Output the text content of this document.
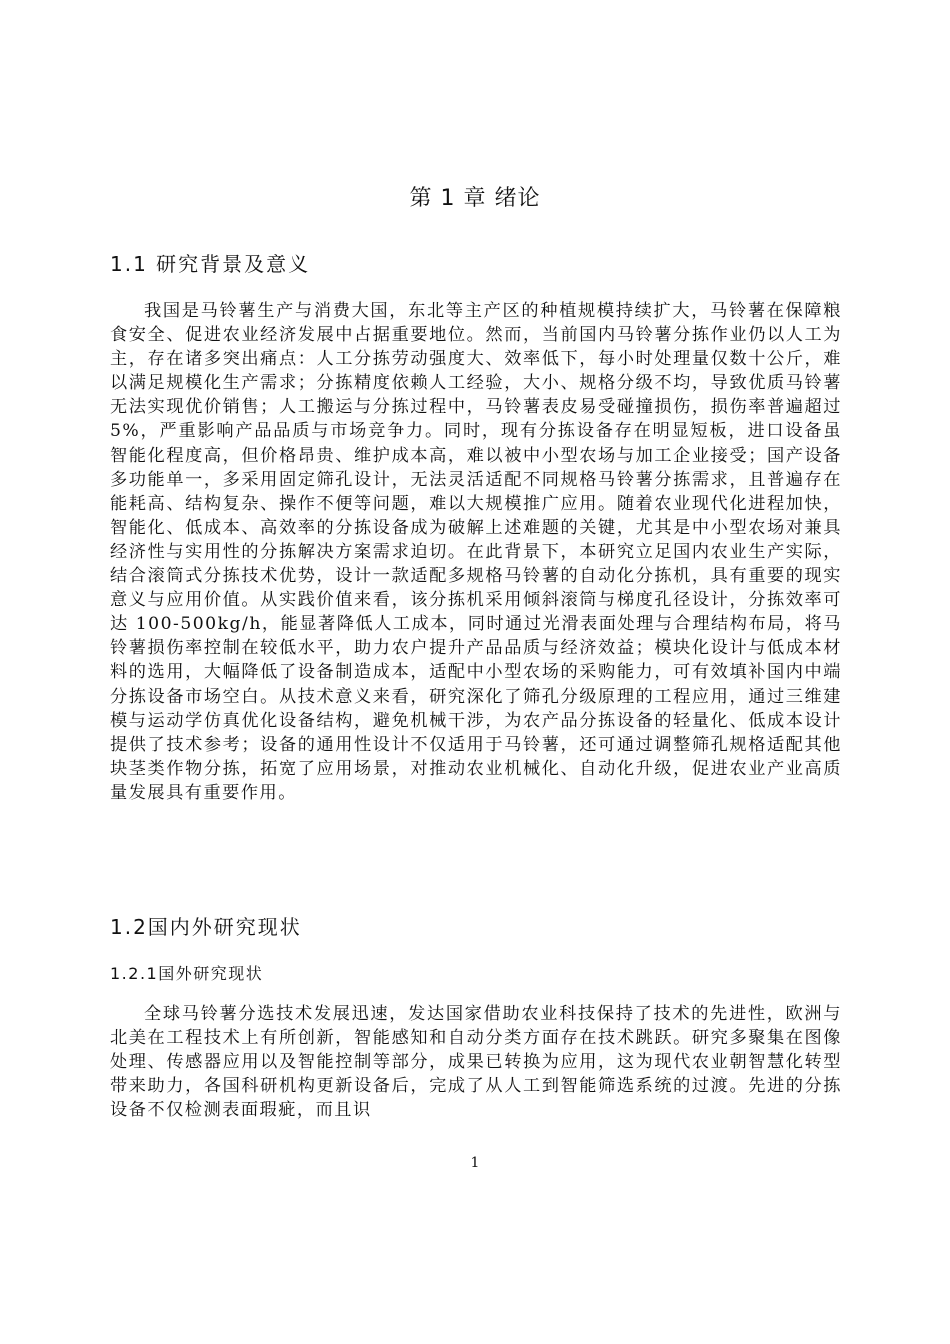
第 1 章 绪论
1.1 研究背景及意义

我国是马铃薯生产与消费大国，东北等主产区的种植规模持续扩大，马铃薯在保障粮食安全、促进农业经济发展中占据重要地位。然而，当前国内马铃薯分拣作业仍以人工为主，存在诸多突出痛点：人工分拣劳动强度大、效率低下，每小时处理量仅数十公斤，难以满足规模化生产需求；分拣精度依赖人工经验，大小、规格分级不均，导致优质马铃薯无法实现优价销售；人工搬运与分拣过程中，马铃薯表皮易受碰撞损伤，损伤率普遍超过 5%，严重影响产品品质与市场竞争力。同时，现有分拣设备存在明显短板，进口设备虽智能化程度高，但价格昂贵、维护成本高，难以被中小型农场与加工企业接受；国产设备多功能单一，多采用固定筛孔设计，无法灵活适配不同规格马铃薯分拣需求，且普遍存在能耗高、结构复杂、操作不便等问题，难以大规模推广应用。随着农业现代化进程加快，智能化、低成本、高效率的分拣设备成为破解上述难题的关键，尤其是中小型农场对兼具经济性与实用性的分拣解决方案需求迫切。在此背景下，本研究立足国内农业生产实际，结合滚筒式分拣技术优势，设计一款适配多规格马铃薯的自动化分拣机，具有重要的现实意义与应用价值。从实践价值来看，该分拣机采用倾斜滚筒与梯度孔径设计，分拣效率可达 100-500kg/h，能显著降低人工成本，同时通过光滑表面处理与合理结构布局，将马铃薯损伤率控制在较低水平，助力农户提升产品品质与经济效益；模块化设计与低成本材料的选用，大幅降低了设备制造成本，适配中小型农场的采购能力，可有效填补国内中端分拣设备市场空白。从技术意义来看，研究深化了筛孔分级原理的工程应用，通过三维建模与运动学仿真优化设备结构，避免机械干涉，为农产品分拣设备的轻量化、低成本设计提供了技术参考；设备的通用性设计不仅适用于马铃薯，还可通过调整筛孔规格适配其他块茎类作物分拣，拓宽了应用场景，对推动农业机械化、自动化升级，促进农业产业高质量发展具有重要作用。

1.2国内外研究现状
1.2.1国外研究现状

全球马铃薯分选技术发展迅速，发达国家借助农业科技保持了技术的先进性，欧洲与北美在工程技术上有所创新，智能感知和自动分类方面存在技术跳跃。研究多聚集在图像处理、传感器应用以及智能控制等部分，成果已转换为应用，这为现代农业朝智慧化转型带来助力，各国科研机构更新设备后，完成了从人工到智能筛选系统的过渡。先进的分拣设备不仅检测表面瑕疵，而且识

1
